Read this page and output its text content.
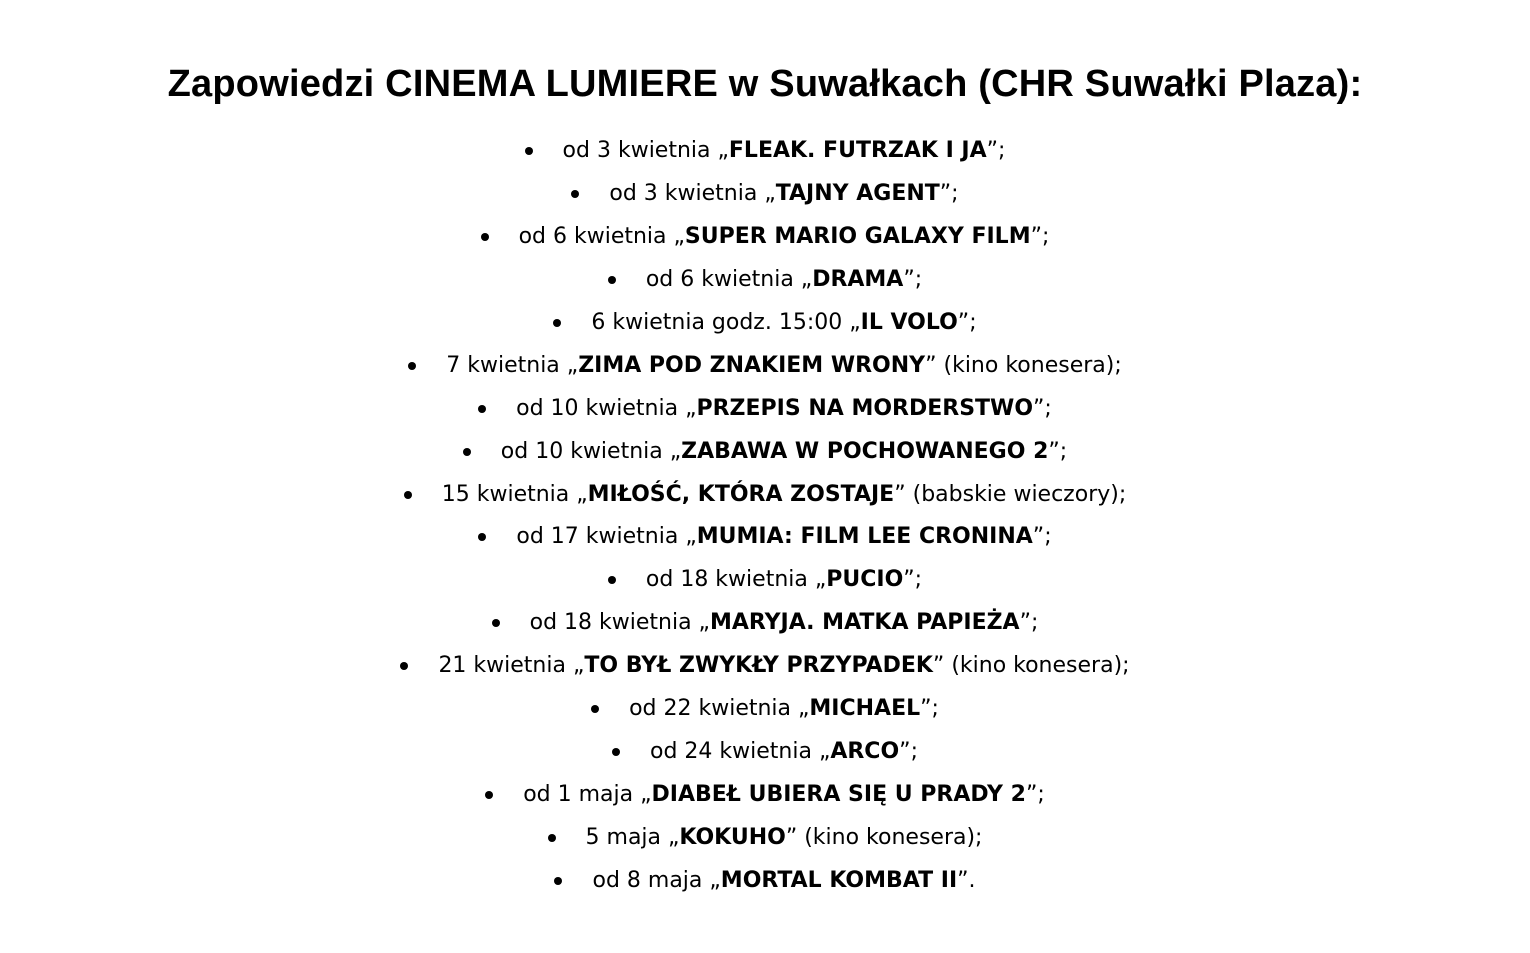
Zapowiedzi CINEMA LUMIERE w Suwałkach (CHR Suwałki Plaza):
od 3 kwietnia „FLEAK. FUTRZAK I JA”;
od 3 kwietnia „TAJNY AGENT”;
od 6 kwietnia „SUPER MARIO GALAXY FILM”;
od 6 kwietnia „DRAMA”;
6 kwietnia godz. 15:00 „IL VOLO”;
7 kwietnia „ZIMA POD ZNAKIEM WRONY” (kino konesera);
od 10 kwietnia „PRZEPIS NA MORDERSTWO”;
od 10 kwietnia „ZABAWA W POCHOWANEGO 2”;
15 kwietnia „MIŁOŚĆ, KTÓRA ZOSTAJE” (babskie wieczory);
od 17 kwietnia „MUMIA: FILM LEE CRONINA”;
od 18 kwietnia „PUCIO”;
od 18 kwietnia „MARYJA. MATKA PAPIEŻA”;
21 kwietnia „TO BYŁ ZWYKŁY PRZYPADEK” (kino konesera);
od 22 kwietnia „MICHAEL”;
od 24 kwietnia „ARCO”;
od 1 maja „DIABEŁ UBIERA SIĘ U PRADY 2”;
5 maja „KOKUHO” (kino konesera);
od 8 maja „MORTAL KOMBAT II”.
